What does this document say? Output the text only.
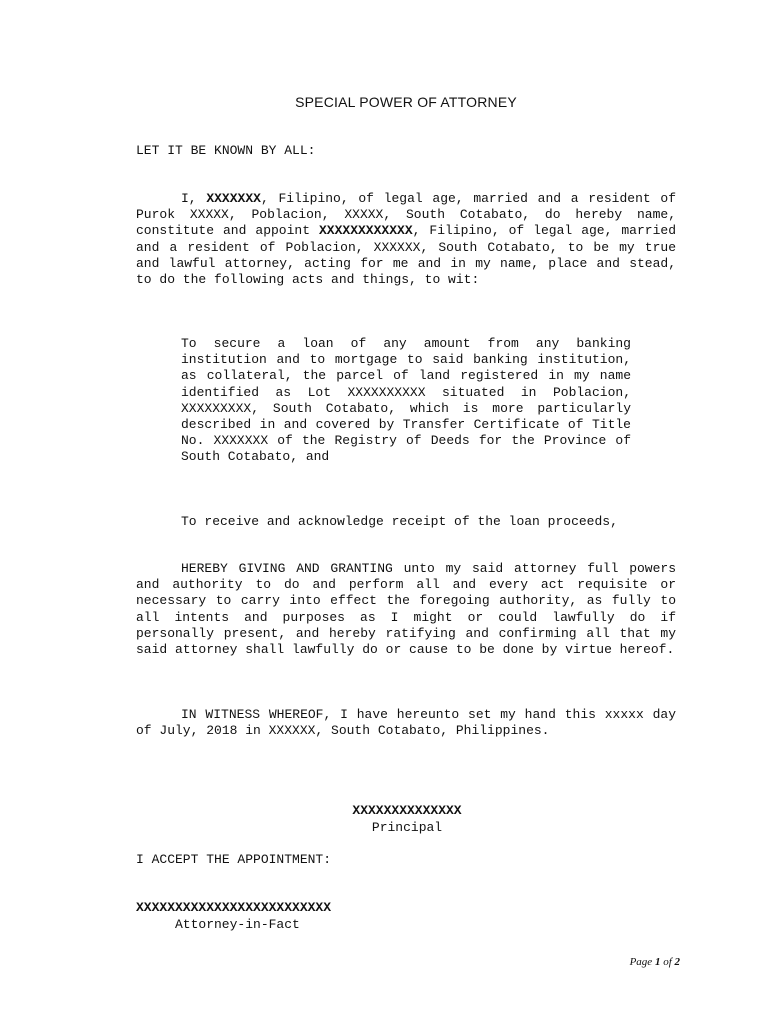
SPECIAL POWER OF ATTORNEY
LET IT BE KNOWN BY ALL:
I, XXXXXXX, Filipino, of legal age, married and a resident of Purok XXXXX, Poblacion, XXXXX, South Cotabato, do hereby name, constitute and appoint XXXXXXXXXXXX, Filipino, of legal age, married and a resident of Poblacion, XXXXXX, South Cotabato, to be my true and lawful attorney, acting for me and in my name, place and stead, to do the following acts and things, to wit:
To secure a loan of any amount from any banking institution and to mortgage to said banking institution, as collateral, the parcel of land registered in my name identified as Lot XXXXXXXXXX situated in Poblacion, XXXXXXXXX, South Cotabato, which is more particularly described in and covered by Transfer Certificate of Title No. XXXXXXX of the Registry of Deeds for the Province of South Cotabato, and
To receive and acknowledge receipt of the loan proceeds,
HEREBY GIVING AND GRANTING unto my said attorney full powers and authority to do and perform all and every act requisite or necessary to carry into effect the foregoing authority, as fully to all intents and purposes as I might or could lawfully do if personally present, and hereby ratifying and confirming all that my said attorney shall lawfully do or cause to be done by virtue hereof.
IN WITNESS WHEREOF, I have hereunto set my hand this xxxxx day of July, 2018 in XXXXXX, South Cotabato, Philippines.
XXXXXXXXXXXXXX
Principal
I ACCEPT THE APPOINTMENT:
XXXXXXXXXXXXXXXXXXXXXXXXX
Attorney-in-Fact
Page 1 of 2
